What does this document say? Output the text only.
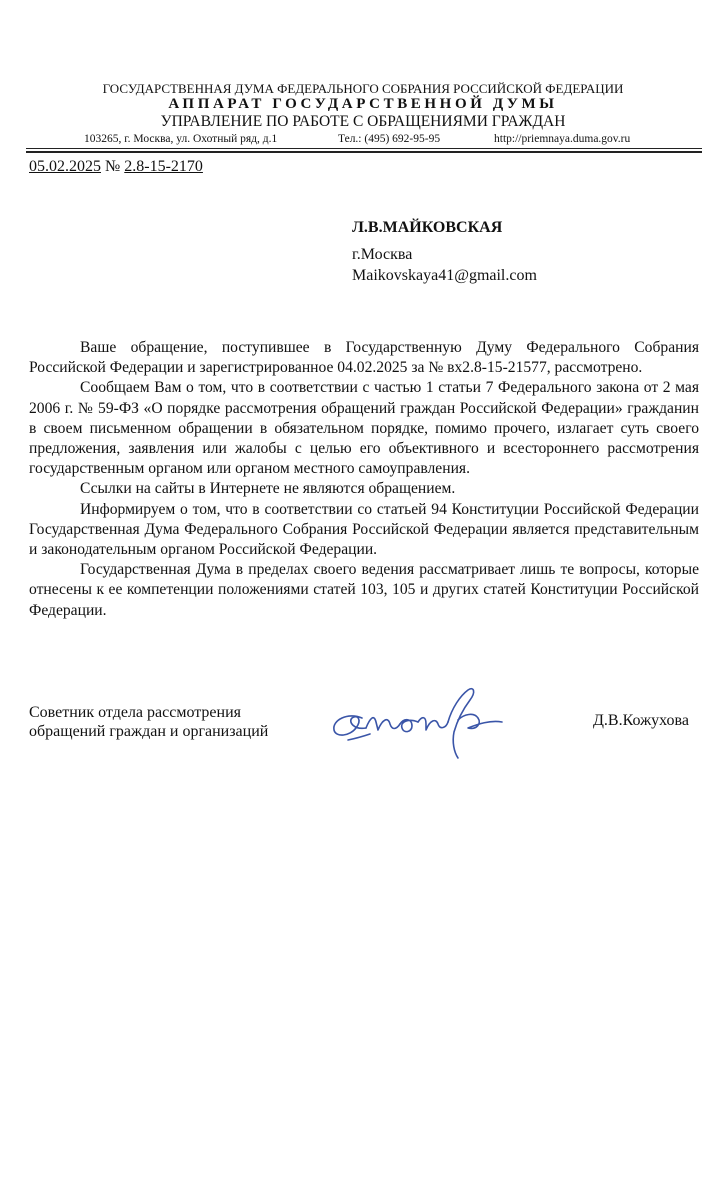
ГОСУДАРСТВЕННАЯ ДУМА ФЕДЕРАЛЬНОГО СОБРАНИЯ РОССИЙСКОЙ ФЕДЕРАЦИИ
АППАРАТ ГОСУДАРСТВЕННОЙ ДУМЫ
УПРАВЛЕНИЕ ПО РАБОТЕ С ОБРАЩЕНИЯМИ ГРАЖДАН
103265, г. Москва, ул. Охотный ряд, д.1	Тел.: (495) 692-95-95	http://priemnaya.duma.gov.ru
05.02.2025 № 2.8-15-2170
Л.В.МАЙКОВСКАЯ
г.Москва
Maikovskaya41@gmail.com

Ваше обращение, поступившее в Государственную Думу Федерального Собрания Российской Федерации и зарегистрированное 04.02.2025 за № вх2.8-15-21577, рассмотрено.

Сообщаем Вам о том, что в соответствии с частью 1 статьи 7 Федерального закона от 2 мая 2006 г. № 59-ФЗ «О порядке рассмотрения обращений граждан Российской Федерации» гражданин в своем письменном обращении в обязательном порядке, помимо прочего, излагает суть своего предложения, заявления или жалобы с целью его объективного и всестороннего рассмотрения государственным органом или органом местного самоуправления.

Ссылки на сайты в Интернете не являются обращением.

Информируем о том, что в соответствии со статьей 94 Конституции Российской Федерации Государственная Дума Федерального Собрания Российской Федерации является представительным и законодательным органом Российской Федерации.

Государственная Дума в пределах своего ведения рассматривает лишь те вопросы, которые отнесены к ее компетенции положениями статей 103, 105 и других статей Конституции Российской Федерации.

Советник отдела рассмотрения
обращений граждан и организаций
Д.В.Кожухова
